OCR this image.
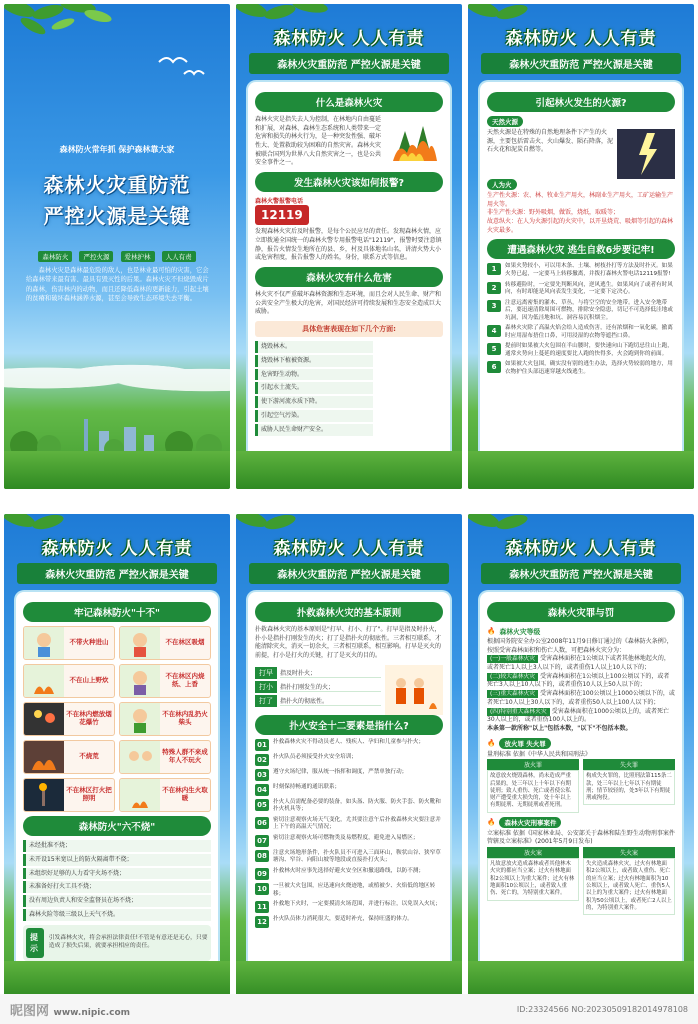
森林防火常年抓 保护森林靠大家
森林火灾重防范
严控火源是关键
森林防火 严控火源 爱林护林 人人有责
森林火灾是森林最危险的敌人，也是林业最可怕的灾害，它会给森林带来最有害、最具有毁灭性的后果。森林火灾不但烧毁成片的森林，伤害林内的动物，而且还降低森林的更新能力，引起土壤的贫瘠和破坏森林涵养水源，甚至会导致生态环境失去平衡。
森林防火 人人有责
森林火灾重防范 严控火源是关键
什么是森林火灾
森林火灾是指失去人为控制，在林地内自由蔓延和扩展，对森林、森林生态系统和人类带来一定危害和损失的林火行为，是一种突发性强、破坏性大、处置救助较为困难的自然灾害。森林火灾被联合国列为世界八大自然灾害之一，也是公共安全事件之一。
发生森林火灾该如何报警?
森林火警报警电话
12119
发现森林火灾后及时报警，是每个公民应尽的责任。发现森林火情，应立即拨通全国统一的森林火警专用报警电话"12119"，报警时要注意镇静，报告火情发生地所在的县、乡，村及具体地名山名，讲清火势大小或危害程度，报告报警人的姓名，身份，联系方式等信息。
森林火灾有什么危害
林火灾不仅严重破坏森林资源和生态环境，而且会对人民生命、财产和公共安全产生极大的危害，对国民经济可持续发展和生态安全造成巨大威胁。
具体危害表现在如下几个方面:
烧毁林木。
烧毁林下植被资源。
危害野生动物。
引起水土流失。
使下游河流水质下降。
引起空气污染。
威胁人民生命财产安全。
森林防火 人人有责
森林火灾重防范 严控火源是关键
引起林火发生的火源?
天然火源
天然火源是在特殊的自然地理条件下产生的火源，主要包括雷击火、火山爆发、陨石降落，泥石火花和泥炭自燃等。
人为火
生产性火源：农、林、牧业生产用火，林副业生产用火，工矿运输生产用火等。
非生产性火源：野外吸烟，做饭，烧纸，取暖等；
故意纵火：在人为火源引起的火灾中，以开垦烧荒、吸烟等引起的森林火灾最多。
遭遇森林火灾 逃生自救6步要记牢!
1	如果火势较小，可以用木条、土壤、树枝扑打等方法及时扑灭。如果火势已起，一定要马上转移撤离，并拨打森林火警电话12119报警!
2	转移避险时，一定要先判断风向，逆风逃生。如果风向了或者有时风向，有时却能是风向表发生变化，一定要下定决心。
3	注意远离密集的灌木、草丛，与将空空的安全地带。进入安全地带后，要迅速清除周围可燃物，排除安全隐患，切记不可选择低洼地或坑洞，因为低洼地和坑、洞容易沉积烟尘。
4	森林火灾除了高温火焰会给人造成伤害，还有浓烟和一氧化碳，撤离时应用湿布捂住口鼻，可用浸湿的衣物等遮挡口鼻。
5	提前时如果被大火包围在半山腰时，要快速向山下跑切忌往山上跑，通常火势向上蔓延的速度要比人跑的快得多，火会跑到你的前面。
6	如果被大火包围，确实没有别的逃生办法，选择火势较弱的地方，用衣物护住头部迅速穿越火线逃生。
森林防火 人人有责
森林火灾重防范 严控火源是关键
牢记森林防火"十不"
不带火种进山	不在林区吸烟
不在山上野炊	不在林区内烧纸、上香
不在林内燃放烟花爆竹
不在林内乱扔火柴头
不烧荒	特殊人群不来成年人不玩火
不在林区打火把照明
不在林内生火取暖
森林防火"六不烧"
未经批准不烧；
未开设15米宽以上的防火隔离带不烧；
未组织好足够的人力看守火场不烧；
未准备好打火工具不烧；
没有周边负责人和安全监督员在场不烧；
森林火险等级三级以上天气不烧。
提示
引发森林火灾，将会承担法律责任!不管是有意还是无心，只要造成了损失后果，就要承担相应的责任。
森林防火 人人有责
森林火灾重防范 严控火源是关键
扑救森林火灾的基本原则
扑救森林火灾的基本原则是"打早、打小、打了"。打早是指及时扑火，扑小是指扑打刚发生的火；打了是指扑火的彻底性。三者相互联系，才能清除灾火，消灭一切余火，三者相互联系，相互影响。打早是灭火的前提，打小是打火的关键，打了是灭火的目的。
打早	指及时扑火；
打小	指扑打刚发生的火；
打了	指扑火的彻底性。
扑火安全十二要素是指什么?
01	扑救森林火灾不得动员老人、残疾人、孕妇和儿童参与扑火；
02	扑火队员必须接受扑火安全培训；
03	遵守火场纪律，服从统一指挥和调度，严禁单独行动；
04	时刻保持畅通的通讯联系；
05	扑火人员需配备必要的装备，如头盔、防火服、防火手套、防火靴和扑火机具等；
06	密切注意观察火场天气变化，尤其要注意午后扑救森林火灾要注意并上下午的高温天气情况；
07	密切注意观察火场可燃物类及易燃程度，避免进入易燃区；
08	注意火场地形条件，扑火队员不可进入三面环山，鞍状山谷、狭窄草塘沟、窄谷、向阳山坡等地段或直接扑打火头；
09	扑救林火时应事先选择好避火安全区和撤退路线，以防不测；
10	一旦被大火包围，应迅速向火烧迹地，或植被少、火焰低的地区转移；
11	扑救地下火时，一定要摸清火场范围，并进行标注，以免误入火坑；
12	扑火队员体力消耗很大，要适时补充，保持旺盛的体力。
森林防火 人人有责
森林火灾重防范 严控火源是关键
森林火灾罪与罚
🔥 森林火灾等级
根据国务院安全办公室2008年11月9日修订通过的《森林防火条例》，按照受害森林面积和伤亡人数，可把森林火灾分为：
(一)一般森林火灾 受害森林面积在1公顷以下或者其他林地起火的，或者死亡1人以上3人以下的，或者重伤1人以上10人以下的；
(二)较大森林火灾 受害森林面积在1公顷以上100公顷以下的，或者死亡3人以上10人以下的，或者重伤10人以上50人以下的；
(三)重大森林火灾 受害森林面积在100公顷以上1000公顷以下的，或者死亡10人以上30人以下的，或者重伤50人以上100人以下的；
(四)特别重大森林火灾 受害森林面积在1000公顷以上的，或者死亡30人以上的，或者重伤100人以上的。
本条第一款所称"以上"包括本数，"以下"不包括本数。
🔥	放火罪 失火罪
量刑标准 依据《中华人民共和国刑法》
放火罪
故意放火烧毁森林，尚未造成严重后果的，处三年以上十年以下有期徒刑；致人重伤、死亡或者使公私财产遭受重大损失的，处十年以上有期徒刑、无期徒刑或者死刑。
失火罪
构成失火罪的，比照刑法第115条二款，处三年以上七年以下有期徒刑；情节较轻的，处3年以下有期徒刑或拘役。
🔥	森林火灾刑事案件
立案标准 依据《国家林业局、公安部关于森林和陆生野生动物刑事案件管辖及立案标准》(2001年5月9日发布)
放火案
凡故意放火造成森林或者其他林木火灾的都应当立案；过火有林地面积2公顷以上为重大案件；过火有林地面积10公顷以上，或者致人重伤、死亡的，为特别重大案件。
失火案
失火造成森林火灾，过火有林地面积2公顷以上，或者致人重伤、死亡的应当立案；过火有林地面积为10公顷以上，或者致人死亡、重伤5人以上的为重大案件；过火有林地面积为50公顷以上，或者死亡2人以上的，为特别重大案件。
昵图网 www.nipic.com	ID:23324566 NO:20230509182014978108
